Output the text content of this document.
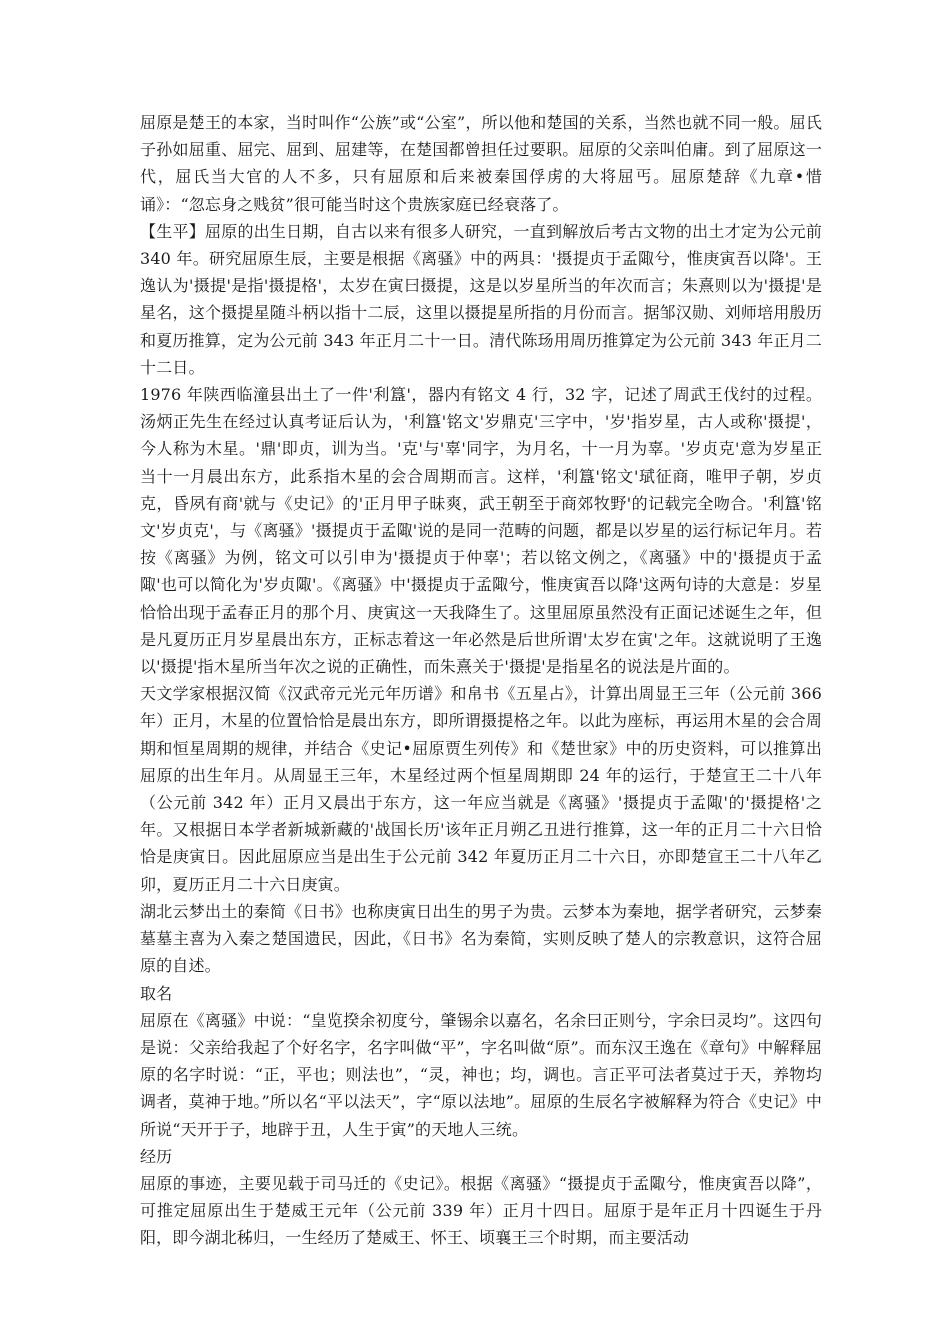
屈原是楚王的本家，当时叫作“公族”或“公室”，所以他和楚国的关系，当然也就不同一般。屈氏子孙如屈重、屈完、屈到、屈建等，在楚国都曾担任过要职。屈原的父亲叫伯庸。到了屈原这一代，屈氏当大官的人不多，只有屈原和后来被秦国俘虏的大将屈丐。屈原楚辞《九章•惜诵》：“忽忘身之贱贫”很可能当时这个贵族家庭已经衰落了。

【生平】屈原的出生日期，自古以来有很多人研究，一直到解放后考古文物的出土才定为公元前 340 年。研究屈原生辰，主要是根据《离骚》中的两具：'摄提贞于孟陬兮，惟庚寅吾以降'。王逸认为'摄提'是指'摄提格'，太岁在寅曰摄提，这是以岁星所当的年次而言；朱熹则以为'摄提'是星名，这个摄提星随斗柄以指十二辰，这里以摄提星所指的月份而言。据邹汉勋、刘师培用殷历和夏历推算，定为公元前 343 年正月二十一日。清代陈玚用周历推算定为公元前 343 年正月二十二日。

1976 年陕西临潼县出土了一件'利簋'，器内有铭文 4 行，32 字，记述了周武王伐纣的过程。汤炳正先生在经过认真考证后认为，'利簋'铭文'岁鼎克'三字中，'岁'指岁星，古人或称'摄提'，今人称为木星。'鼎'即贞，训为当。'克'与'辜'同字，为月名，十一月为辜。'岁贞克'意为岁星正当十一月晨出东方，此系指木星的会合周期而言。这样，'利簋'铭文'珷征商，唯甲子朝，岁贞克，昏夙有商'就与《史记》的'正月甲子昧爽，武王朝至于商郊牧野'的记载完全吻合。'利簋'铭文'岁贞克'，与《离骚》'摄提贞于孟陬'说的是同一范畴的问题，都是以岁星的运行标记年月。若按《离骚》为例，铭文可以引申为'摄提贞于仲辜'；若以铭文例之，《离骚》中的'摄提贞于孟陬'也可以简化为'岁贞陬'。《离骚》中'摄提贞于孟陬兮，惟庚寅吾以降'这两句诗的大意是：岁星恰恰出现于孟春正月的那个月、庚寅这一天我降生了。这里屈原虽然没有正面记述诞生之年，但是凡夏历正月岁星晨出东方，正标志着这一年必然是后世所谓'太岁在寅'之年。这就说明了王逸以'摄提'指木星所当年次之说的正确性，而朱熹关于'摄提'是指星名的说法是片面的。

天文学家根据汉简《汉武帝元光元年历谱》和帛书《五星占》，计算出周显王三年（公元前 366 年）正月，木星的位置恰恰是晨出东方，即所谓摄提格之年。以此为座标，再运用木星的会合周期和恒星周期的规律，并结合《史记•屈原贾生列传》和《楚世家》中的历史资料，可以推算出屈原的出生年月。从周显王三年，木星经过两个恒星周期即 24 年的运行，于楚宣王二十八年（公元前 342 年）正月又晨出于东方，这一年应当就是《离骚》'摄提贞于孟陬'的'摄提格'之年。又根据日本学者新城新藏的'战国长历'该年正月朔乙丑进行推算，这一年的正月二十六日恰恰是庚寅日。因此屈原应当是出生于公元前 342 年夏历正月二十六日，亦即楚宣王二十八年乙卯，夏历正月二十六日庚寅。

湖北云梦出土的秦简《日书》也称庚寅日出生的男子为贵。云梦本为秦地，据学者研究，云梦秦墓墓主喜为入秦之楚国遗民，因此，《日书》名为秦简，实则反映了楚人的宗教意识，这符合屈原的自述。

取名

屈原在《离骚》中说：“皇览揆余初度兮，肇锡余以嘉名，名余曰正则兮，字余曰灵均”。这四句是说：父亲给我起了个好名字，名字叫做“平”，字名叫做“原”。而东汉王逸在《章句》中解释屈原的名字时说：“正，平也；则法也”，“灵，神也；均，调也。言正平可法者莫过于天，养物均调者，莫神于地。”所以名“平以法天”，字“原以法地”。屈原的生辰名字被解释为符合《史记》中所说“天开于子，地辟于丑，人生于寅”的天地人三统。

经历

屈原的事迹，主要见载于司马迁的《史记》。根据《离骚》“摄提贞于孟陬兮，惟庚寅吾以降”，可推定屈原出生于楚威王元年（公元前 339 年）正月十四日。屈原于是年正月十四诞生于丹阳，即今湖北秭归，一生经历了楚威王、怀王、顷襄王三个时期，而主要活动
